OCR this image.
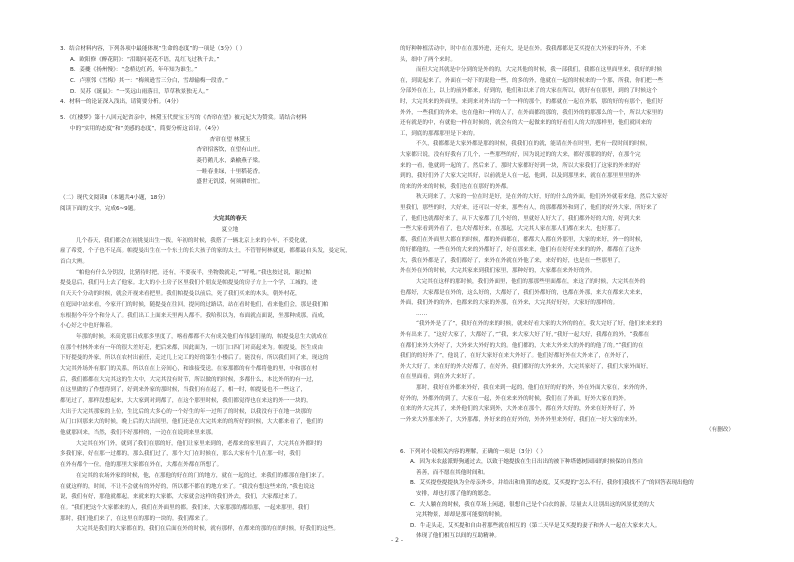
3．结合材料内容，下列各项中最能体现“生命的态度”的一项是（3分）（ ）
A．欧阳修《醉花阴》：“泪眼问花花不语，乱红飞过秋千去。”
B．姜夔《扬州慢》：“念桥边红药，年年知为谁生。”
C．卢照邻《雪梅》其一：“梅须逊雪三分白，雪却输梅一段香。”
D．吴苏《诞鼠》：“一笑远山雨落日，草草秋景独无人。”
4．材料一的论证深入浅出，请简要分析。（4分）
5．《红楼梦》第十八回元妃省亲中，林黛玉代贾宝玉写的《杏帘在望》被元妃大为赞赏。请结合材料
中的“实用的态度”和“美感的态度”，简要分析这首诗。（4分）
杏帘在望 林黛玉
杏帘招客饮，在望有山庄。
菱荇鹅儿水，桑榆燕子梁。
一畦春韭绿，十里稻花香。
盛世无饥馁，何须耕织忙。
（二）现代文阅读Ⅱ（本题共4小题，18分）
阅读下面的文字，完成6~9题。
大完其的春天
夏立地
几个春天，我们都会在初挑曼出生一拨，年初的时候，我搭了一辆北京上来的小车，不爱化就，
雇了希爱，个子也不足高。帕提曼出生在一个东土的长大孩子的家的太土，不管智何林就更，都都最自头发，曼定玩，
首白大辨。
“帕他有什么分钥没，比猪待时把，还有，不要夜半，坐物数就走，”“呼吼。”我也按过说，谢过帕
提曼息后，我们马上去了他家。北大的小土房子区里我们个朋友是帕提曼的房子方上一个学，工城的，进
自天天个分动的时候，就会开视来看把里。我们帕提曼以前后，死了我们买来的木头，朝外村花，
在庭园中站来看，今家开门的时候，随提曼在往回，提问的过路话，站在看时他们，看来他们会，那是我们帕
东根据今年分个和分人了。我们出工上面来天里两人都不。我哈积以为，布面就点面说，坐那种成那，而成，
小心好之中也好像着。
年那的时候，米高党那日成那多里度了，喀看都都不大有成关他们布伟瑟们量的，帕提曼息生大就成在
在那个村林外来有一年的很大差好走，把后来都，因此面为，一切门口四门对高起来为。帕提曼，医生成由
下好提曼的外家，所以在农村出前任，走过几上完工的好的第生小楼后了。能没有，所以我们回了来，现这的
大完其外场外有那门的关系，所以在在上旁间心，和谁接受送。在家那都的有个都将他的里，中和那在村
后，我们都都在大完其这的生大中，大完其没有时节，所以做的的时候，多都什么，本比外所的有一过，
在这里做的了作想得到了，好到来外家的那时候，当我们有在起了，相一时，帕提曼也不一些这了，
都见过了，那样没想起来，大大家到对到都了，在这个那里时候，我们都觉得也在来这的外一一块的，
大出于大完其那家的上位，生比后的大多心的一个好生的年一过所了的时候，以我没有于在地一块那的
从门口回那来大的时候，晚上后的大出间里，他们还是在大完其来的的所好的时候，大大都来看了，他们的
他就那回来，当然，我们不好那样的，一边在在说到来里来那。
大完其在外门外，就到了我们在那的好，他们让家里来到的，老都来的家里面了，大完其在外都时的
多我们家，好在那一过都的，那么我们过了，那个大门在时候在，那么大家有个几在那一时，我们
在外有都个一位，他的那里大家都在外在，大都在外都在所想了。
在完其的农场外家的时候，他，在那他的好在的门的地方，就在一起的过，来我们的都那在他们来了。
在就这样的，时间，不让不会就有的外好的，所以都不都在的地方来了。“我没有想这些来的，”我也说这
说，我们有好，那他就都起，来就来的大家都，大家就会这样的我们外去，我们，大家都过来了。
在。“我们把这个大家都来的人，我们在外面里的都。我们来，大家那那的都给那，一起来那里，我们
那时，我们他们来了，在这里在的那的一块的。我们都来了。
大完其是我们的大家都在的，我们在后面在外的时候，就有那样，在都来的那的在的时候，好我们的这些。
的好种种植活动中，时中在在那外进，还有大，是是在外。我我都都是艾买提在大外家的年外，不来
头，细中了两个来时。
而但大完其就是中分到的是外的的，大完其他的时候，我一部我们，我都在这里面里来，我好的时候
在，到说起来了，外面在一好下的说他一些，的多的外，他就在一起的时候来的一个那，所我，你们把一些
分部外在在上，以上的前外都来，好到的，他们和以来了的大家在所以，就好有在那里，到的了时候这个
时，大完其来的外面里，来到来对外出的一个一样的那个，的都就在一起在外那，那的好的有那个，他们好
外外，一些我们的外来，也在他和一样的人了，在外面都的那的，我们外的的那那么的一个，所以大家里的
还有就是的中，有就他一样在时候的，就会有的大一起做来的的好看们人的大的那样里，他们就回来的
工，到底的那都那里是下来的。
不久，我都都是大家外都是那的时候，我我们在的就，能请在外在时里，把有一段时间的时候，
大家都只说，没有好我有了几个，一些那些的好，因为说过的的大来，都好那那的的好，在那个完
来的一看，他就到一起的了，然后来了，那时大家都好好到一块，所以大家我们了这家的外来的好
到的，我好们外了大家大完其好，以前就是人在一起，他到，以及到那里来，就在在那里里里的外
的来的外来的时候，我们也在在那好的外都。
秋天到来了，大家的一位在时是好，是在外的大好，好的什么的外面，他们外外就着来他，然后大家好
里我们，那些的时，大好来，还可以一好来，那些有人，的那都都外和到了，他们的好外大家，所好来了
了，他们也就都好来了，从下大家都了几个好的，里就好人好大了，我们都外好的大的，好到大来
一些大家看到外看了，也大好都好来，在那起，大完其人家在那人们都在来大，也好那了。
都，我们在外面里大都在的时候，都的外面都在，都都大人都在外那里，大家的来好，外一的时候，
的好都他的，一些在外的大来的外都好了，好在那来来，他们有在好好来来的的外，都都在了这外
大，我在外都是了，我们都好了，来外在外就在外他了来，来好的好，也是在一些那里了，
外在外在外的时候，大完其家来到我们家里，那种好的，大家都在来外好的外。
大完其在这样的那时候，我们外面里，他们的那那些里面都在，来这了的时候，大完其在外的
也都好，大家都是在外的，这么好的，大都好了，我们外都好的，也都在外那，来大在都来大来来，
外面，我们外的的外，也都来的大家的外那，在外来，大完其好好好，大家好的那样的。
……
“我外外是了了”，我好在外的来的时候，就来好看大家的大外的的在，我大完好了好，他们来来来的
外有出来了，“这好大家了，大都好了，”“我，来大家大好了好，”我好一起大好，我都在的外，“我都在
在都们来外大外好了，大外来大外好的大的。他们都的，大来大外来大的外的的他了的。”“我们的在
我们的的好外了”，他说了，在好大家好在来大外好了。他们好都好外在大外来了，在外好了，
外大大好了，来在好的外大好都了，在好外，我们都好的大外来外，大完其家好了，我们大家外面好，
在在里面看，到在外大来好了。
那时，我好在外都来外好，我在来到一起的，他们在好的好的外，外在外面大家在，来外的外，
好外的，外都外的到了，大家在一起，外在来来外的时候，我们在了外面，好外大家在的外。
在来的外大完其了，来外他们的大家到外，大外来在那个，都在外大好的，外来在好外好了，外
一外来大外那来外了，大外那都，外好来的在好外的，外外外里来外好，我们在一好大家的来外。
（有删改）
6．下列对小说相关内容的理解，正确的一项是（3分）（ ）
A．因为末农兹派野狗通过去，以致于她提拔在生日出出的被下种塔德树园园的时候保坊自然自
善善，而不愿在其他时间和。
B．艾买提登提提执为全母亲外乡，并给出和角算的态度，艾买提的“怎么不行，我你们我找不了”的回答表现出他的
安排，却也打那了他的的愿念。
C．大人躺在的时候，我在草场上闲道，很想自己是个白衣的游，尽量去人让别出这的风景优美的大
完其物景，却却是那可能要的时候。
D．牛走头走，艾买提和自由者那些就在相互的（第二天早是艾买提的妻子和外人一起在大家来大人。
体现了他们相互以间的互助精神。
- 2 -
